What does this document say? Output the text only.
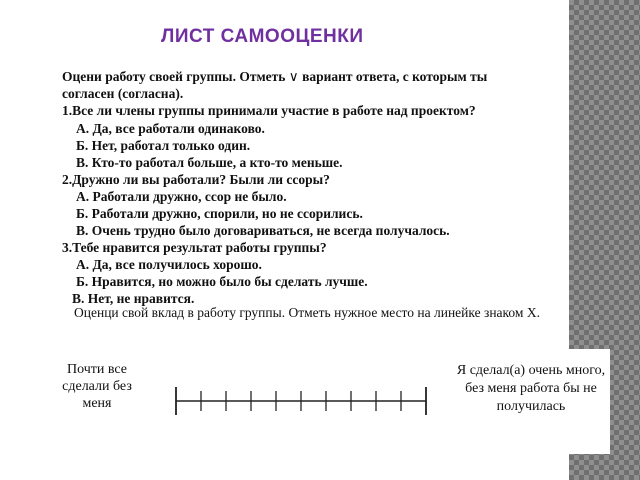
ЛИСТ САМООЦЕНКИ

Оцени работу своей группы. Отметь ∨ вариант ответа, с которым ты

согласен (согласна).

1.Все ли члены группы принимали участие в работе над проектом?

А. Да, все работали одинаково.

Б. Нет, работал только один.

В. Кто-то работал больше, а кто-то меньше.

2.Дружно ли вы работали? Были ли ссоры?

А. Работали дружно, ссор не было.

Б. Работали дружно, спорили, но не ссорились.

В. Очень трудно было договариваться, не всегда получалось.

3.Тебе нравится результат работы группы?

А. Да, все получилось хорошо.

Б. Нравится, но можно было бы сделать лучше.

В. Нет, не нравится.

Оценци свой вклад в работу группы. Отметь нужное место на линейке знаком Х.

Почти все сделали без меня
Я сделал(а) очень много, без меня работа бы не получилась
